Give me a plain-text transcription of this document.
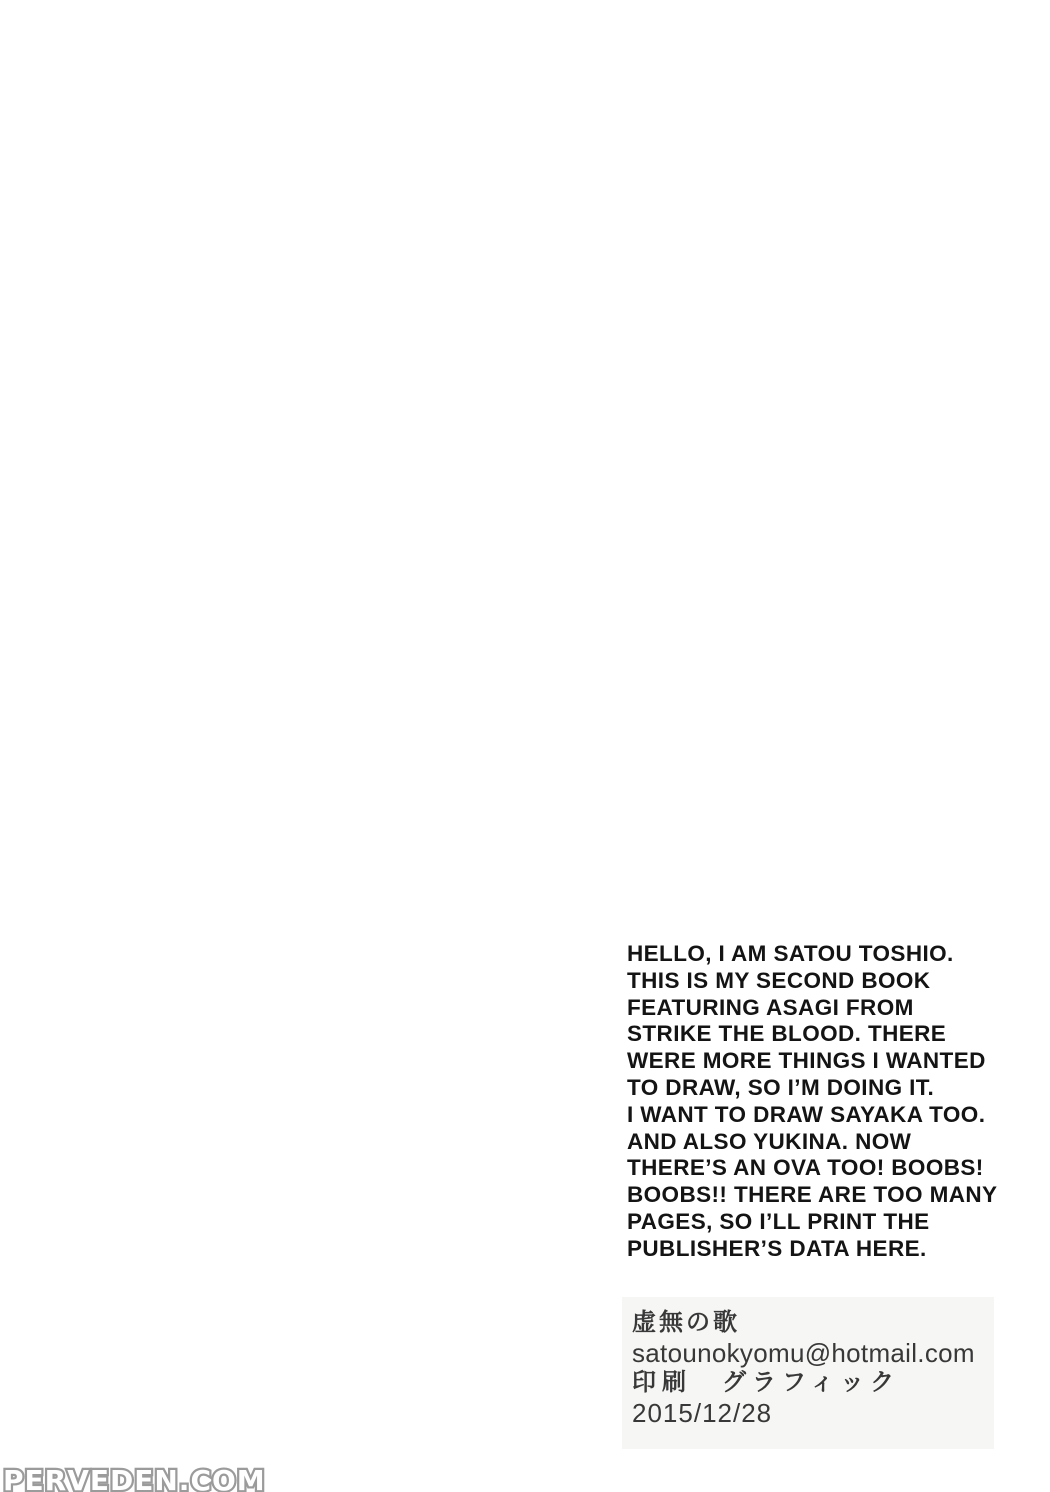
HELLO, I AM SATOU TOSHIO.
THIS IS MY SECOND BOOK
FEATURING ASAGI FROM
STRIKE THE BLOOD. THERE
WERE MORE THINGS I WANTED
TO DRAW, SO I’M DOING IT.
I WANT TO DRAW SAYAKA TOO.
AND ALSO YUKINA. NOW
THERE’S AN OVA TOO! BOOBS!
BOOBS!! THERE ARE TOO MANY
PAGES, SO I’LL PRINT THE
PUBLISHER’S DATA HERE.
虚無の歌
satounokyomu@hotmail.com
印刷　グラフィック
2015/12/28
PERVEDEN.COM
